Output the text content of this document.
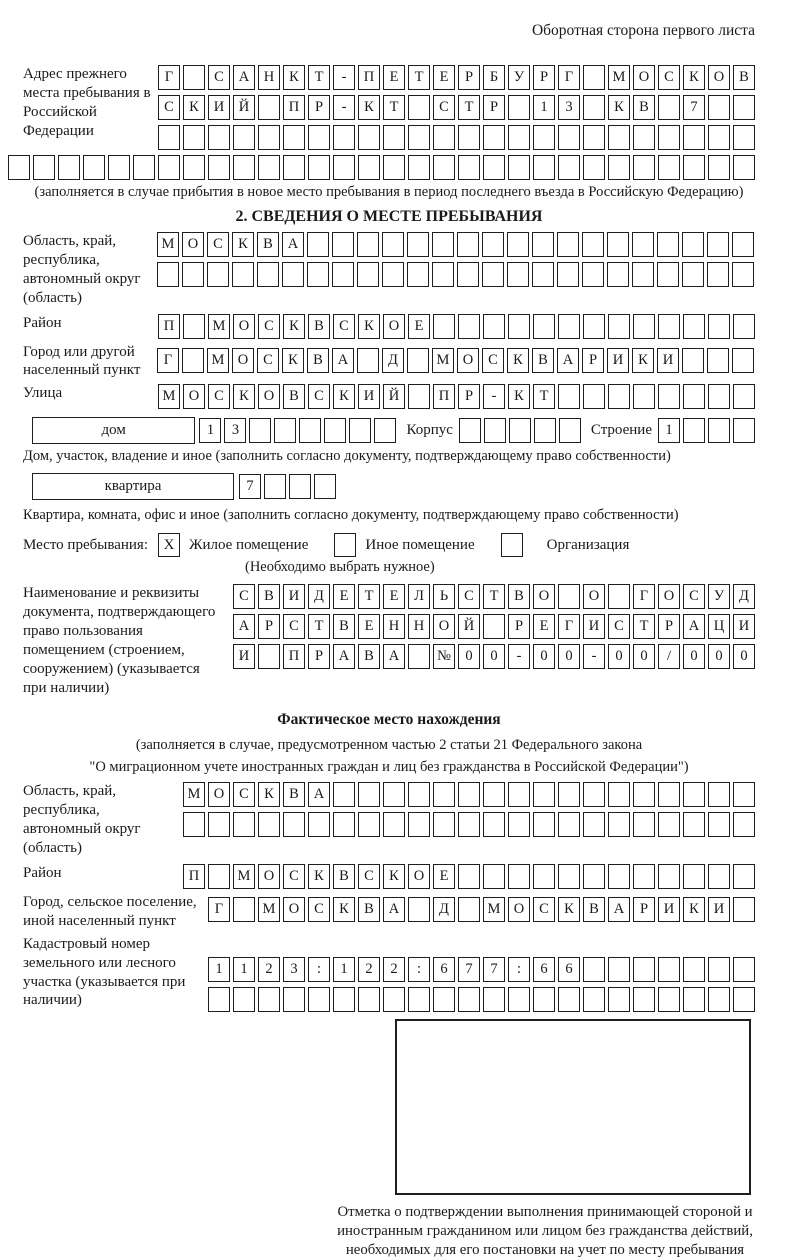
Оборотная сторона первого листа
Адрес прежнего места пребывания в Российской Федерации
Г	С	А	Н	К	Т	-	П	Е	Т	Е	Р	Б	У	Р	Г	М О	С	К	О	В
С	К	И	Й	П	Р	-	К	Т	С	Т	Р	1	3	К	В	7
(заполняется в случае прибытия в новое место пребывания в период последнего въезда в Российскую Федерацию)
2. СВЕДЕНИЯ О МЕСТЕ ПРЕБЫВАНИЯ
Область, край, республика, автономный округ (область)
М О	С	К	В	А
Район	П	М О	С	К	В	С	К	О	Е
Город или другой населенный пункт
Г	М О	С	К	В	А	Д	М О	С	К	В	А	Р	И	К	И
Улица	М О	С	К	О	В	С	К	И	Й	П	Р	-	К	Т
дом	1	3	Корпус	Строение 1
Дом, участок, владение и иное (заполнить согласно документу, подтверждающему право собственности)
квартира	7
Квартира, комната, офис и иное (заполнить согласно документу, подтверждающему право собственности)
Место пребывания:	X Жилое помещение	Иное помещение	Организация
(Необходимо выбрать нужное)
Наименование и реквизиты документа, подтверждающего право пользования помещением (строением, сооружением) (указывается при наличии)
С	В	И	Д	Е	Т	Е	Л	Ь	С	Т	В	О	О	Г	О	С	У	Д
А	Р	С	Т	В	Е	Н	Н	О	Й	Р	Е	Г	И	С	Т	Р	А	Ц	И
И	П	Р	А	В	А	№ 0	0	-	0	0	-	0	0	/	0	0	0
Фактическое место нахождения
(заполняется в случае, предусмотренном частью 2 статьи 21 Федерального закона
"О миграционном учете иностранных граждан и лиц без гражданства в Российской Федерации")
Область, край, республика, автономный округ (область)
М О	С	К	В	А
Район	П	М О	С	К	В	С	К	О	Е
Город, сельское поселение, иной населенный пункт
Г	М О	С	К	В	А	Д	М О	С	К	В	А	Р	И	К	И
Кадастровый номер земельного или лесного участка (указывается при наличии)
1	1	2	3	:	1	2	2	:	6	7	7	:	6	6
Отметка о подтверждении выполнения принимающей стороной и иностранным гражданином или лицом без гражданства действий, необходимых для его постановки на учет по месту пребывания
